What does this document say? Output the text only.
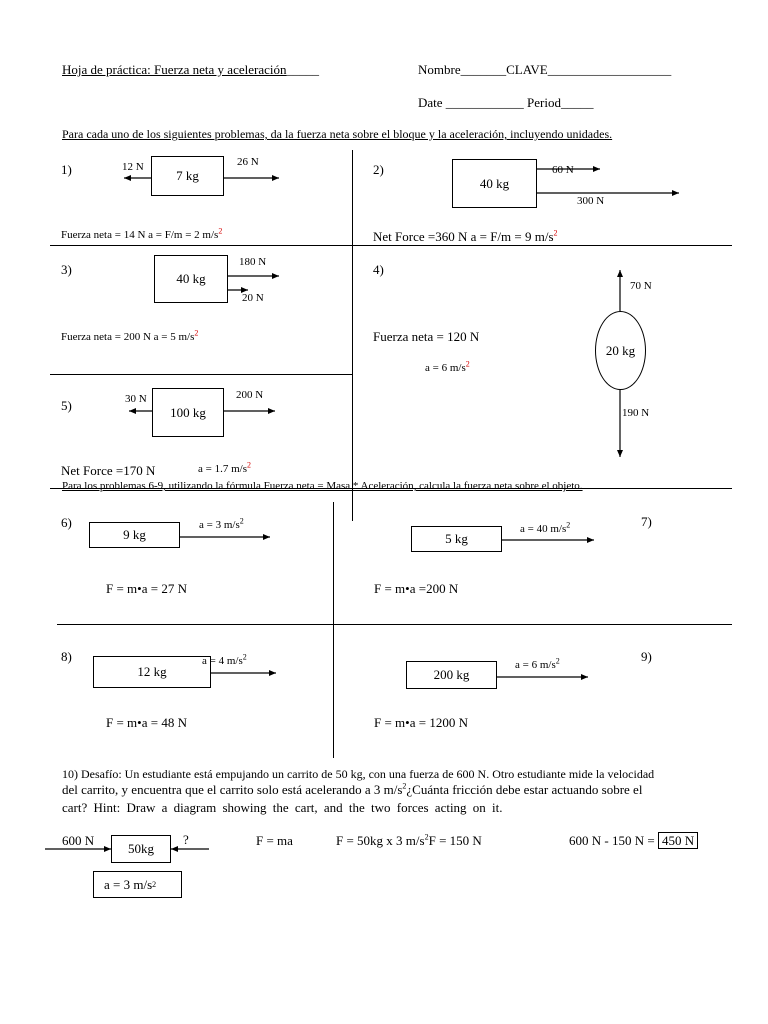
Hoja de práctica: Fuerza neta y aceleración_____	Nombre_______CLAVE___________________
Date ____________ Period_____
Para cada uno de los siguientes problemas, da la fuerza neta sobre el bloque y la aceleración, incluyendo unidades.
1)	7 kg
12 N	26 N
Fuerza neta = 14 N a = F/m = 2 $m/s^2$
2)
40 kg
60 N
300 N
Net Force =360 N a = F/m = 9 $m/s^2$
3)
40 kg
180 N
20 N
Fuerza neta = 200 N a = 5 $m/s^2$
4)
20 kg
70 N
190 N
Fuerza neta = 120 N
a = 6 $m/s^2$
5)	100 kg
30 N	200 N
Net Force =170 N	a = 1.7 $m/s^2$
Para los problemas 6-9, utilizando la fórmula Fuerza neta = Masa * Aceleración, calcula la fuerza neta sobre el objeto.
6)
9 kg
a = 3 $m/s^2$
F = m•a = 27 N
7)
5 kg
a = 40 $m/s^2$
F = m•a =200 N
8)
12 kg
a = 4 $m/s^2$
F = m•a = 48 N
9)
200 kg
a = 6 $m/s^2$
F = m•a = 1200 N
10) Desafío: Un estudiante está empujando un carrito de 50 kg, con una fuerza de 600 N. Otro estudiante mide la velocidad
del carrito, y encuentra que el carrito solo está acelerando a 3 $m/s^2¿Cuánta$ fricción debe estar actuando sobre el
cart? Hint: Draw a diagram showing the cart, and the two forces acting on it.
600 N
50kg
?	F = ma	F = 50kg x 3 $m/s^2F = 150$ N	600 N - 150 N = 450 N
a = 3 m/s 2
